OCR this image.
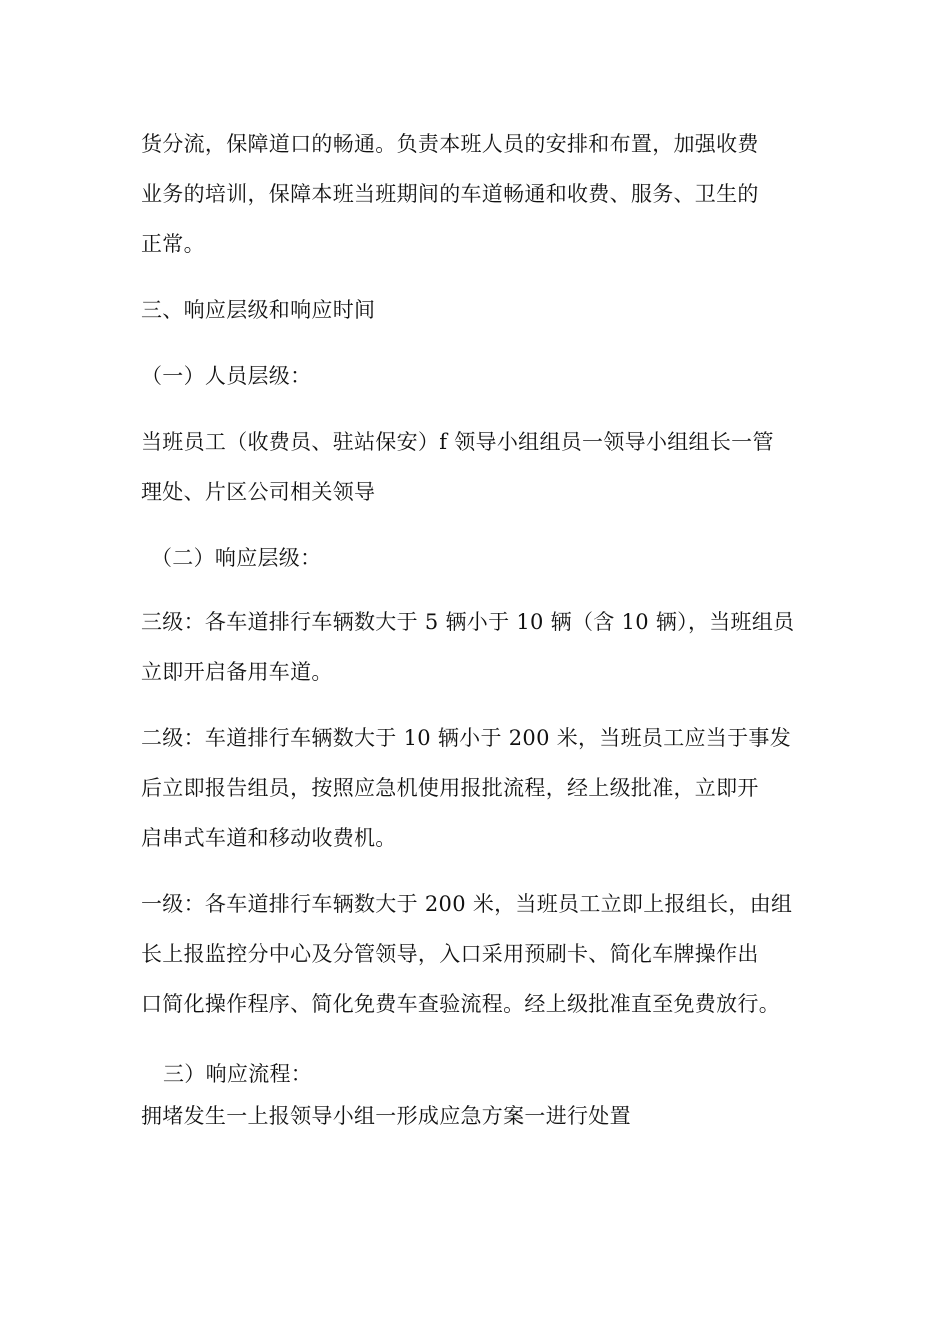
货分流，保障道口的畅通。负责本班人员的安排和布置，加强收费
业务的培训，保障本班当班期间的车道畅通和收费、服务、卫生的
正常。
三、响应层级和响应时间
（一）人员层级：
当班员工（收费员、驻站保安）f 领导小组组员一领导小组组长一管
理处、片区公司相关领导
（二）响应层级：
三级：各车道排行车辆数大于 5 辆小于 10 辆（含 10 辆），当班组员
立即开启备用车道。
二级：车道排行车辆数大于 10 辆小于 200 米，当班员工应当于事发
后立即报告组员，按照应急机使用报批流程，经上级批准，立即开
启串式车道和移动收费机。
一级：各车道排行车辆数大于 200 米，当班员工立即上报组长，由组
长上报监控分中心及分管领导，入口采用预刷卡、简化车牌操作出
口简化操作程序、简化免费车查验流程。经上级批准直至免费放行。
三）响应流程：
拥堵发生一上报领导小组一形成应急方案一进行处置
